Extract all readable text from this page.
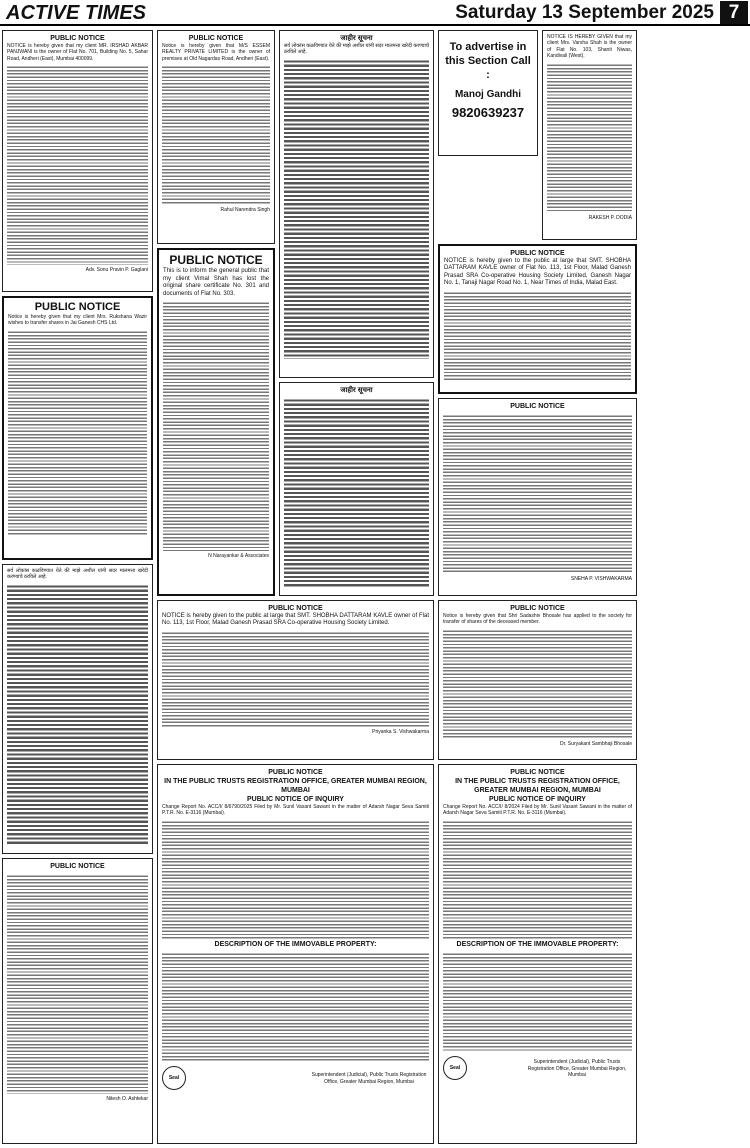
ACTIVE TIMES	Saturday 13 September 2025 7
PUBLIC NOTICE
NOTICE is hereby given that my client MR. IRSHAD AKBAR PANJWANI is the owner of Flat No. 701, Building No. 5, Sahar Road, Andheri (East), Mumbai 400099.
Adv. Sonu Pravin P. Gaglani
PUBLIC NOTICE
Notice is hereby given that my client Mrs. Rukshana Wazir wishes to transfer shares in Jai Ganesh CHS Ltd.
सर्व लोकांस कळविण्यात येते की माझे अशील यांनी सदर मालमत्ता खरेदी करण्याचे ठरविले आहे.
PUBLIC NOTICE
Nitesh O. Ashtekar
PUBLIC NOTICE
Notice is hereby given that M/S ESSEM REALTY PRIVATE LIMITED is the owner of premises at Old Nagardas Road, Andheri (East).
Rahul Narendra Singh
PUBLIC NOTICE
This is to inform the general public that my client Vimal Shah has lost the original share certificate No. 301 and documents of Flat No. 303.
N Narayankar & Associates
PUBLIC NOTICE
NOTICE is hereby given to the public at large that SMT. SHOBHA DATTARAM KAVLE owner of Flat No. 113, 1st Floor, Malad Ganesh Prasad SRA Co-operative Housing Society Limited.
Priyanka S. Vishwakarma
PUBLIC NOTICE
IN THE PUBLIC TRUSTS REGISTRATION OFFICE, GREATER MUMBAI REGION, MUMBAI
PUBLIC NOTICE OF INQUIRY
Change Report No. ACC/I/ 8/6790/2025 Filed by Mr. Sunil Vasant Sawant in the matter of Adarsh Nagar Seva Samiti P.T.R. No. E-3116 (Mumbai).
DESCRIPTION OF THE IMMOVABLE PROPERTY:
Seal	Superintendent (Judicial), Public Trusts Registration Office, Greater Mumbai Region, Mumbai
जाहीर सूचना
सर्व लोकांस कळविण्यात येते की माझे अशील यांनी सदर मालमत्ता खरेदी करण्याचे ठरविले आहे.
जाहीर सूचना
To advertise in this Section Call :
Manoj Gandhi
9820639237
NOTICE IS HEREBY GIVEN that my client Mrs. Varsha Shah is the owner of Flat No. 103, Shanti Niwas, Kandivali (West).
RAKESH P. DODIA
PUBLIC NOTICE
NOTICE is hereby given to the public at large that SMT. SHOBHA DATTARAM KAVLE owner of Flat No. 113, 1st Floor, Malad Ganesh Prasad SRA Co-operative Housing Society Limited, Ganesh Nagar No. 1, Tanaji Nagar Road No. 1, Near Times of India, Malad East.
PUBLIC NOTICE
SNEHA P. VISHWAKARMA
PUBLIC NOTICE
Notice is hereby given that Shri Sadashiv Bhosale has applied to the society for transfer of shares of the deceased member.
Dr. Suryakant Sambhaji Bhosale
PUBLIC NOTICE
IN THE PUBLIC TRUSTS REGISTRATION OFFICE, GREATER MUMBAI REGION, MUMBAI
PUBLIC NOTICE OF INQUIRY
Change Report No. ACC/I/ 8/2024 Filed by Mr. Sunil Vasant Sawant in the matter of Adarsh Nagar Seva Samiti P.T.R. No. E-3116 (Mumbai).
DESCRIPTION OF THE IMMOVABLE PROPERTY:
Seal
Superintendent (Judicial), Public Trusts Registration Office, Greater Mumbai Region, Mumbai
